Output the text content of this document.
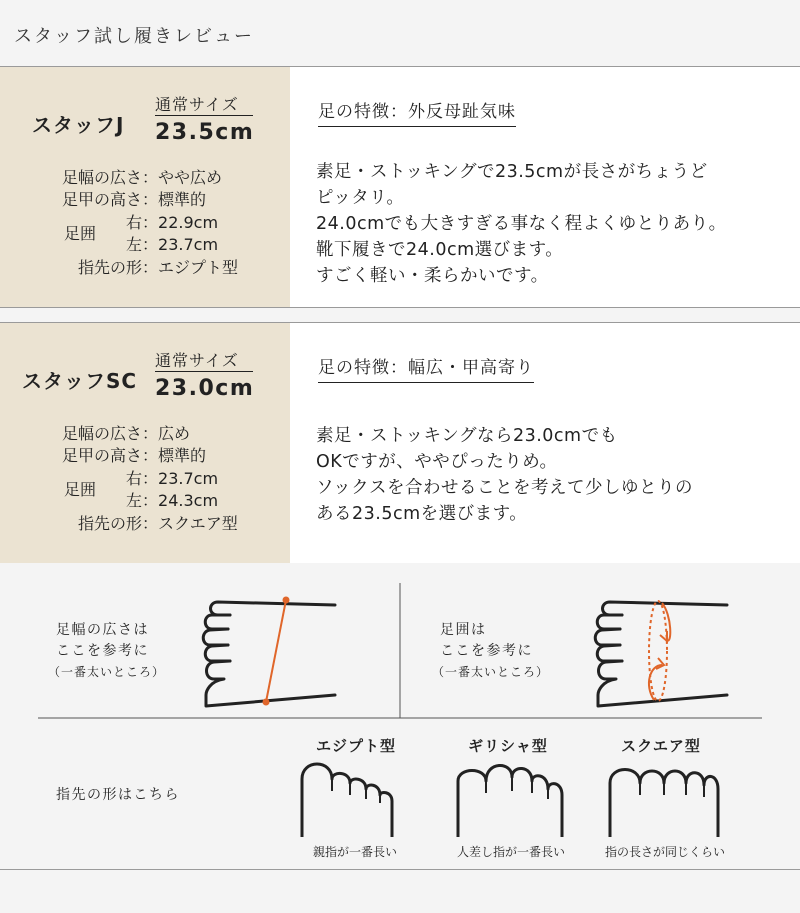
スタッフ試し履きレビュー
スタッフJ
通常サイズ
23.5cm
足幅の広さ：やや広め
足甲の高さ：標準的
足囲
右：22.9cm
左：23.7cm
指先の形：エジプト型
足の特徴：外反母趾気味
素足・ストッキングで23.5cmが長さがちょうど
ピッタリ。
24.0cmでも大きすぎる事なく程よくゆとりあり。
靴下履きで24.0cm選びます。
すごく軽い・柔らかいです。
スタッフSC
通常サイズ
23.0cm
足幅の広さ：広め
足甲の高さ：標準的
足囲
右：23.7cm
左：24.3cm
指先の形：スクエア型
足の特徴：幅広・甲高寄り
素足・ストッキングなら23.0cmでも
OKですが、ややぴったりめ。
ソックスを合わせることを考えて少しゆとりの
ある23.5cmを選びます。
足幅の広さは
ここを参考に
（一番太いところ）
足囲は
ここを参考に
（一番太いところ）
指先の形はこちら
エジプト型
親指が一番長い
ギリシャ型
人差し指が一番長い
スクエア型
指の長さが同じくらい
